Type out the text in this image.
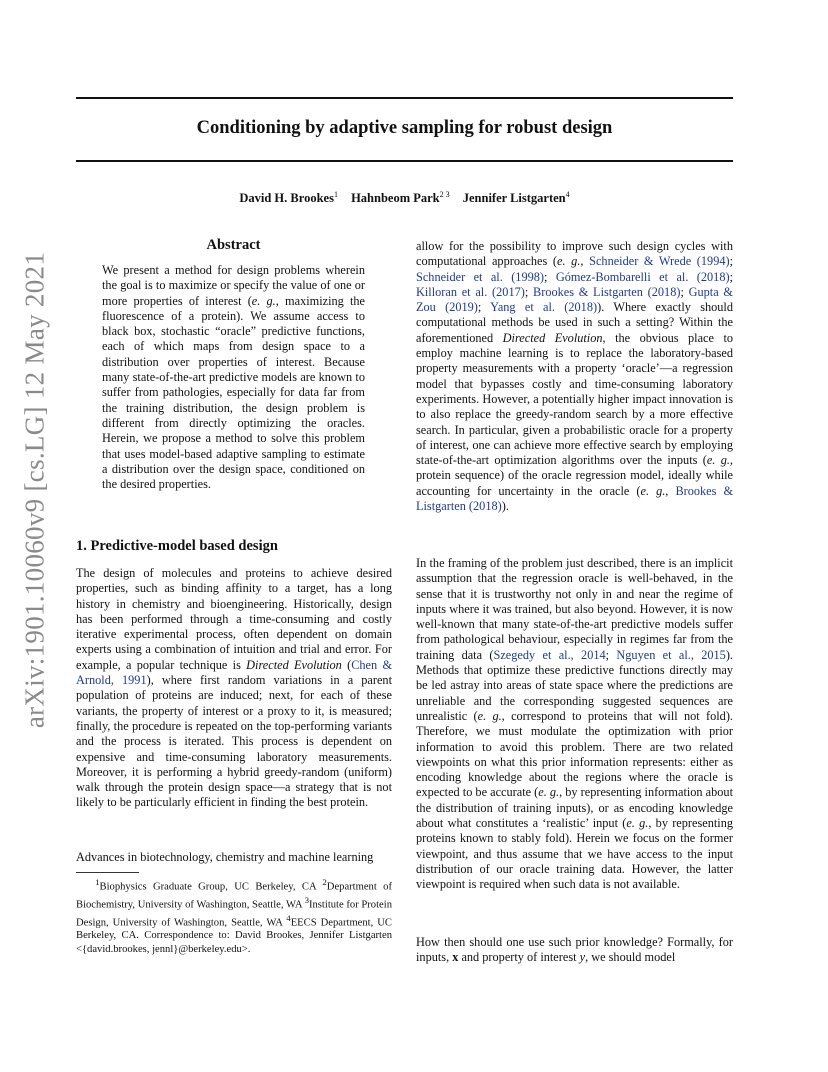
Conditioning by adaptive sampling for robust design
David H. Brookes$^1$ Hahnbeom Park$^{2 3}$ Jennifer Listgarten$^4$
arXiv:1901.10060v9 [cs.LG] 12 May 2021
Abstract

We present a method for design problems wherein the goal is to maximize or specify the value of one or more properties of interest (e. g., maximizing the fluorescence of a protein). We assume access to black box, stochastic “oracle” predictive functions, each of which maps from design space to a distribution over properties of interest. Because many state-of-the-art predictive models are known to suffer from pathologies, especially for data far from the training distribution, the design problem is different from directly optimizing the oracles. Herein, we propose a method to solve this problem that uses model-based adaptive sampling to estimate a distribution over the design space, conditioned on the desired properties.

1. Predictive-model based design

The design of molecules and proteins to achieve desired properties, such as binding affinity to a target, has a long history in chemistry and bioengineering. Historically, design has been performed through a time-consuming and costly iterative experimental process, often dependent on domain experts using a combination of intuition and trial and error. For example, a popular technique is Directed Evolution (Chen & Arnold, 1991), where first random variations in a parent population of proteins are induced; next, for each of these variants, the property of interest or a proxy to it, is measured; finally, the procedure is repeated on the top-performing variants and the process is iterated. This process is dependent on expensive and time-consuming laboratory measurements. Moreover, it is performing a hybrid greedy-random (uniform) walk through the protein design space—a strategy that is not likely to be particularly efficient in finding the best protein.

Advances in biotechnology, chemistry and machine learning

$^1$Biophysics Graduate Group, UC Berkeley, CA $^2$Department of Biochemistry, University of Washington, Seattle, WA $^3$Institute for Protein Design, University of Washington, Seattle, WA $^4$EECS Department, UC Berkeley, CA. Correspondence to: David Brookes, Jennifer Listgarten <{david.brookes, jennl}@berkeley.edu>.

allow for the possibility to improve such design cycles with computational approaches (e. g., Schneider & Wrede (1994); Schneider et al. (1998); Gómez-Bombarelli et al. (2018); Killoran et al. (2017); Brookes & Listgarten (2018); Gupta & Zou (2019); Yang et al. (2018)). Where exactly should computational methods be used in such a setting? Within the aforementioned Directed Evolution, the obvious place to employ machine learning is to replace the laboratory-based property measurements with a property ‘oracle’—a regression model that bypasses costly and time-consuming laboratory experiments. However, a potentially higher impact innovation is to also replace the greedy-random search by a more effective search. In particular, given a probabilistic oracle for a property of interest, one can achieve more effective search by employing state-of-the-art optimization algorithms over the inputs (e. g., protein sequence) of the oracle regression model, ideally while accounting for uncertainty in the oracle (e. g., Brookes & Listgarten (2018)).

In the framing of the problem just described, there is an implicit assumption that the regression oracle is well-behaved, in the sense that it is trustworthy not only in and near the regime of inputs where it was trained, but also beyond. However, it is now well-known that many state-of-the-art predictive models suffer from pathological behaviour, especially in regimes far from the training data (Szegedy et al., 2014; Nguyen et al., 2015). Methods that optimize these predictive functions directly may be led astray into areas of state space where the predictions are unreliable and the corresponding suggested sequences are unrealistic (e. g., correspond to proteins that will not fold). Therefore, we must modulate the optimization with prior information to avoid this problem. There are two related viewpoints on what this prior information represents: either as encoding knowledge about the regions where the oracle is expected to be accurate (e. g., by representing information about the distribution of training inputs), or as encoding knowledge about what constitutes a ‘realistic’ input (e. g., by representing proteins known to stably fold). Herein we focus on the former viewpoint, and thus assume that we have access to the input distribution of our oracle training data. However, the latter viewpoint is required when such data is not available.

How then should one use such prior knowledge? Formally, for inputs, x and property of interest y, we should model
